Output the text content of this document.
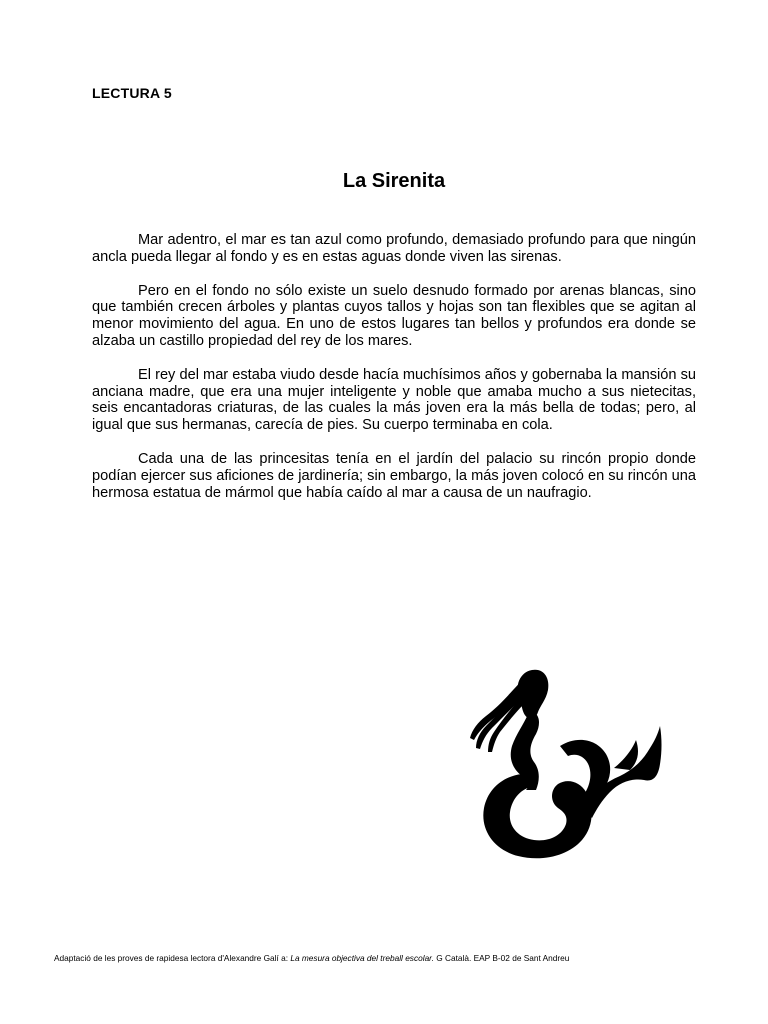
LECTURA 5
La Sirenita

Mar adentro, el mar es tan azul como profundo, demasiado profundo para que ningún ancla pueda llegar al fondo y es en estas aguas donde viven las sirenas.

Pero en el fondo no sólo existe un suelo desnudo formado por arenas blancas, sino que también crecen árboles y plantas cuyos tallos y hojas son tan flexibles que se agitan al menor movimiento del agua. En uno de estos lugares tan bellos y profundos era donde se alzaba un castillo propiedad del rey de los mares.

El rey del mar estaba viudo desde hacía muchísimos años y gobernaba la mansión su anciana madre, que era una mujer inteligente y noble que amaba mucho a sus nietecitas, seis encantadoras criaturas, de las cuales la más joven era la más bella de todas; pero, al igual que sus hermanas, carecía de pies. Su cuerpo terminaba en cola.

Cada una de las princesitas tenía en el jardín del palacio su rincón propio donde podían ejercer sus aficiones de jardinería; sin embargo, la más joven colocó en su rincón una hermosa estatua de mármol que había caído al mar a causa de un naufragio.

Adaptació de les proves de rapidesa lectora d'Alexandre Galí a: La mesura objectiva del treball escolar. G Català. EAP B-02 de Sant Andreu
